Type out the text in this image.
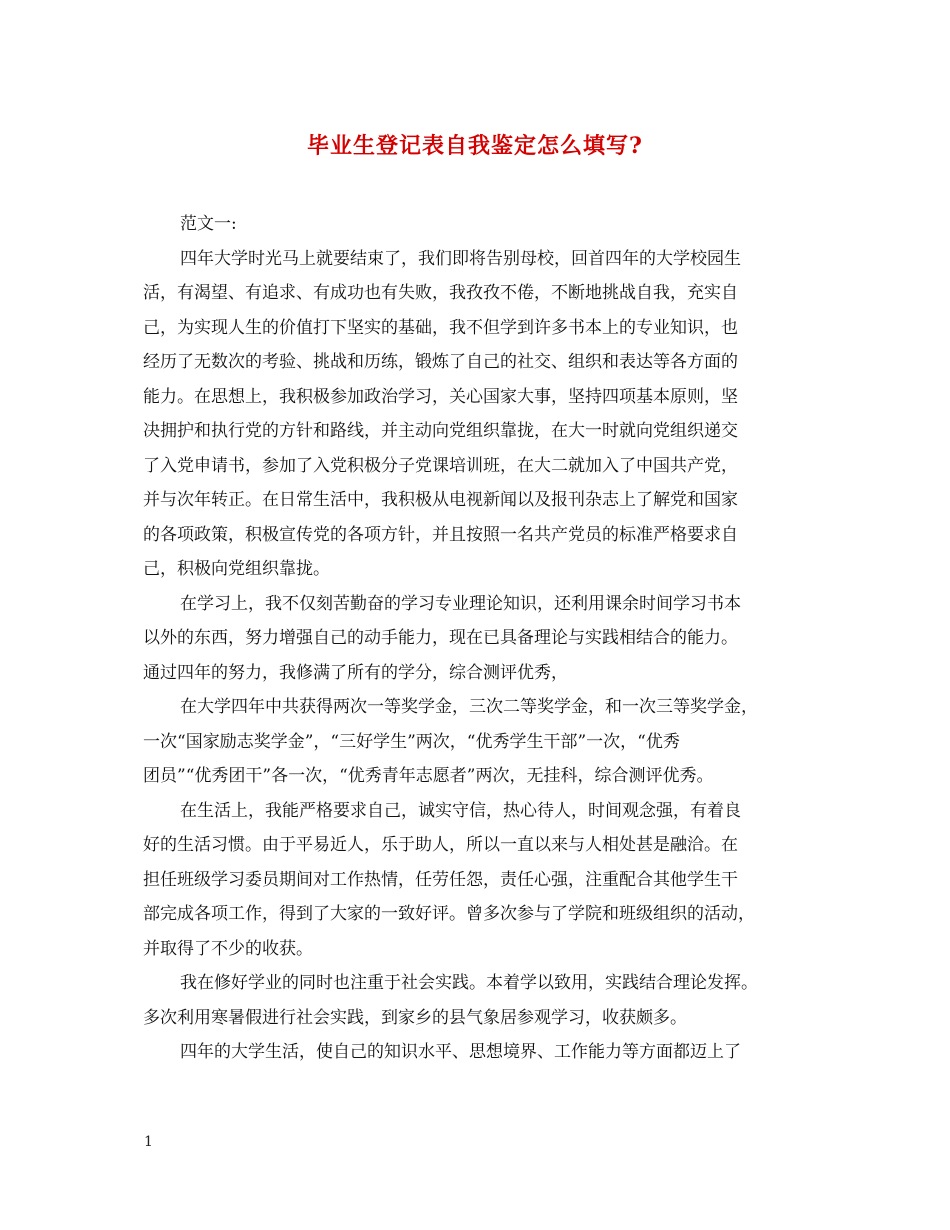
毕业生登记表自我鉴定怎么填写?
范文一:
四年大学时光马上就要结束了，我们即将告别母校，回首四年的大学校园生
活，有渴望、有追求、有成功也有失败，我孜孜不倦，不断地挑战自我，充实自
己，为实现人生的价值打下坚实的基础，我不但学到许多书本上的专业知识，也
经历了无数次的考验、挑战和历练，锻炼了自己的社交、组织和表达等各方面的
能力。在思想上，我积极参加政治学习，关心国家大事，坚持四项基本原则，坚
决拥护和执行党的方针和路线，并主动向党组织靠拢，在大一时就向党组织递交
了入党申请书，参加了入党积极分子党课培训班，在大二就加入了中国共产党，
并与次年转正。在日常生活中，我积极从电视新闻以及报刊杂志上了解党和国家
的各项政策，积极宣传党的各项方针，并且按照一名共产党员的标准严格要求自
己，积极向党组织靠拢。
在学习上，我不仅刻苦勤奋的学习专业理论知识，还利用课余时间学习书本
以外的东西，努力增强自己的动手能力，现在已具备理论与实践相结合的能力。
通过四年的努力，我修满了所有的学分，综合测评优秀，
在大学四年中共获得两次一等奖学金，三次二等奖学金，和一次三等奖学金，
一次“国家励志奖学金”，“三好学生”两次，“优秀学生干部”一次，“优秀
团员”“优秀团干”各一次，“优秀青年志愿者”两次，无挂科，综合测评优秀。
在生活上，我能严格要求自己，诚实守信，热心待人，时间观念强，有着良
好的生活习惯。由于平易近人，乐于助人，所以一直以来与人相处甚是融洽。在
担任班级学习委员期间对工作热情，任劳任怨，责任心强，注重配合其他学生干
部完成各项工作，得到了大家的一致好评。曾多次参与了学院和班级组织的活动，
并取得了不少的收获。
我在修好学业的同时也注重于社会实践。本着学以致用，实践结合理论发挥。
多次利用寒暑假进行社会实践，到家乡的县气象居参观学习，收获颇多。
四年的大学生活，使自己的知识水平、思想境界、工作能力等方面都迈上了
1
